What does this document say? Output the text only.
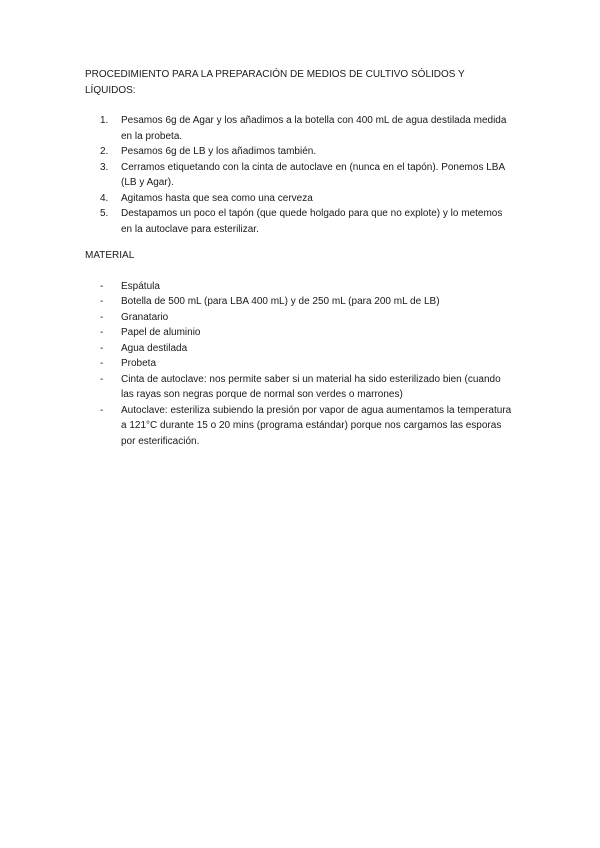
PROCEDIMIENTO PARA LA PREPARACIÓN DE MEDIOS DE CULTIVO SÓLIDOS Y LÍQUIDOS:

1.	Pesamos 6g de Agar y los añadimos a la botella con 400 mL de agua destilada medida en la probeta.
2.	Pesamos 6g de LB y los añadimos también.
3.	Cerramos etiquetando con la cinta de autoclave en (nunca en el tapón). Ponemos LBA (LB y Agar).
4.	Agitamos hasta que sea como una cerveza
5.	Destapamos un poco el tapón (que quede holgado para que no explote) y lo metemos en la autoclave para esterilizar.

MATERIAL

-	Espátula
-	Botella de 500 mL (para LBA 400 mL) y de 250 mL (para 200 mL de LB)
-	Granatario
-	Papel de aluminio
-	Agua destilada
-	Probeta
-	Cinta de autoclave: nos permite saber si un material ha sido esterilizado bien (cuando las rayas son negras porque de normal son verdes o marrones)
-	Autoclave: esteriliza subiendo la presión por vapor de agua aumentamos la temperatura a 121°C durante 15 o 20 mins (programa estándar) porque nos cargamos las esporas por esterificación.
